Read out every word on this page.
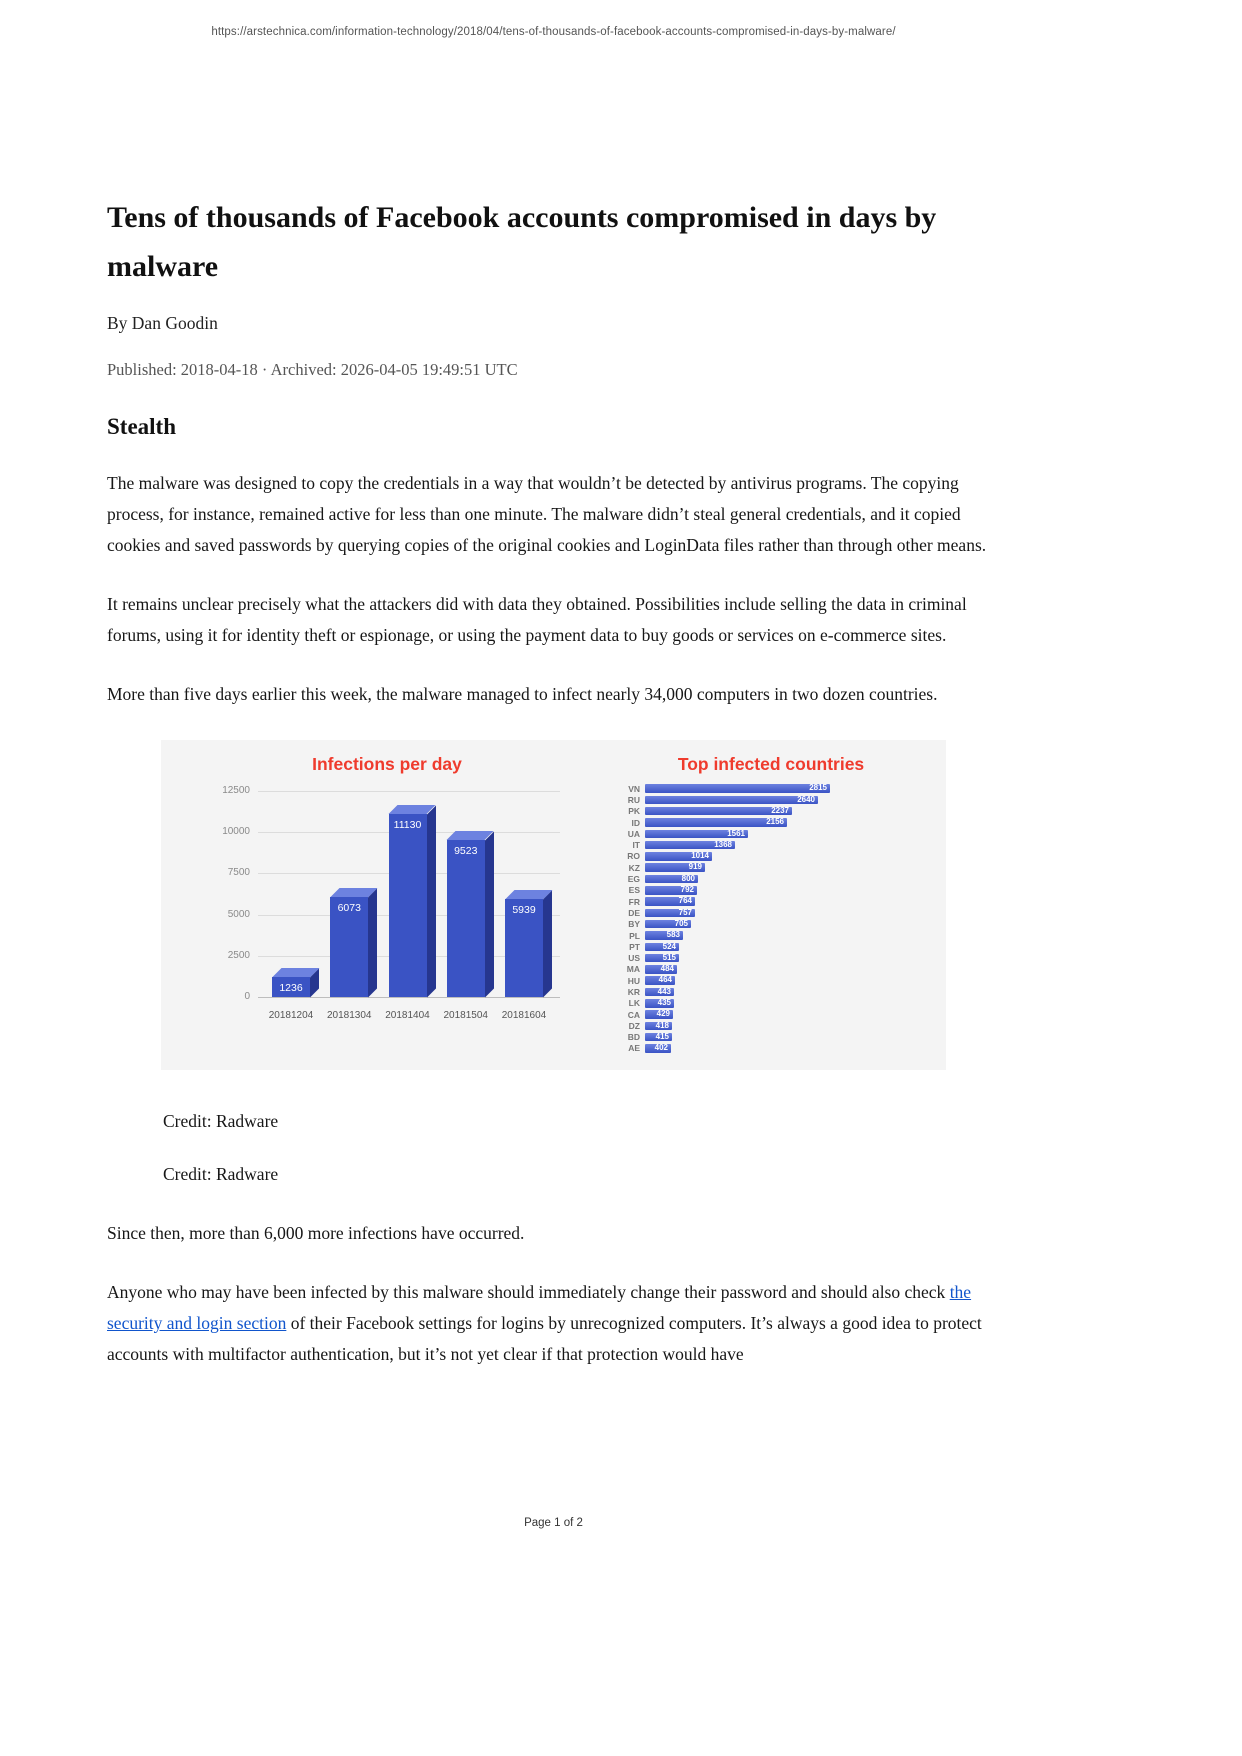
https://arstechnica.com/information-technology/2018/04/tens-of-thousands-of-facebook-accounts-compromised-in-days-by-malware/
Tens of thousands of Facebook accounts compromised in days by malware
By Dan Goodin
Published: 2018-04-18 · Archived: 2026-04-05 19:49:51 UTC
Stealth

The malware was designed to copy the credentials in a way that wouldn’t be detected by antivirus programs. The copying process, for instance, remained active for less than one minute. The malware didn’t steal general credentials, and it copied cookies and saved passwords by querying copies of the original cookies and LoginData files rather than through other means.

It remains unclear precisely what the attackers did with data they obtained. Possibilities include selling the data in criminal forums, using it for identity theft or espionage, or using the payment data to buy goods or services on e-commerce sites.

More than five days earlier this week, the malware managed to infect nearly 34,000 computers in two dozen countries.

Infections per day
0
2500
5000
7500
10000
12500
1236
20181204
6073
20181304
11130
20181404
9523
20181504
5939
20181604
Top infected countries
VN	2815
RU	2640
PK	2237
ID	2156
UA	1561
IT	1368
RO	1014
KZ	919
EG	800
ES	792
FR	764
DE	757
BY	705
PL	583
PT	524
US	515
MA	484
HU 464
KR 443
LK 435
CA 429
DZ 418
BD 415
AE 402

Credit: Radware

Credit: Radware

Since then, more than 6,000 more infections have occurred.

Anyone who may have been infected by this malware should immediately change their password and should also check the security and login section of their Facebook settings for logins by unrecognized computers. It’s always a good idea to protect accounts with multifactor authentication, but it’s not yet clear if that protection would have

Page 1 of 2
